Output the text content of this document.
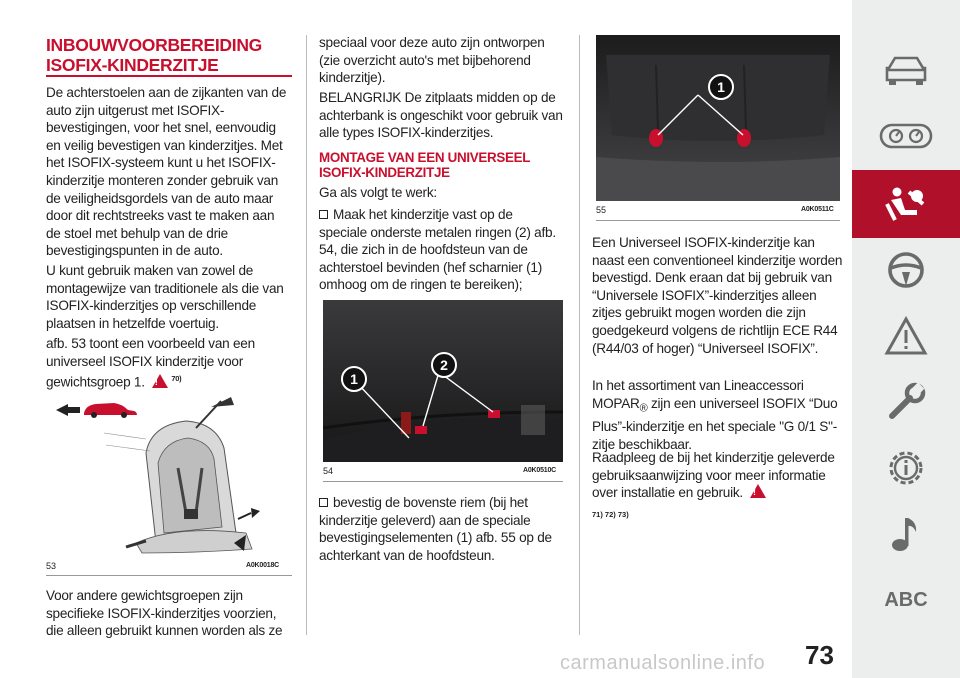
INBOUWVOORBEREIDING
ISOFIX-KINDERZITJE

De achterstoelen aan de zijkanten van de auto zijn uitgerust met ISOFIX-bevestigingen, voor het snel, eenvoudig en veilig bevestigen van kinderzitjes. Met het ISOFIX-systeem kunt u het ISOFIX-kinderzitje monteren zonder gebruik van de veiligheidsgordels van de auto maar door dit rechtstreeks vast te maken aan de stoel met behulp van de drie bevestigingspunten in de auto.

U kunt gebruik maken van zowel de montagewijze van traditionele als die van ISOFIX-kinderzitjes op verschillende plaatsen in hetzelfde voertuig.

afb. 53 toont een voorbeeld van een universeel ISOFIX kinderzitje voor gewichtsgroep 1. ! $^{70)}$

53	A0K0018C

Voor andere gewichtsgroepen zijn specifieke ISOFIX-kinderzitjes voorzien, die alleen gebruikt kunnen worden als ze

speciaal voor deze auto zijn ontworpen (zie overzicht auto's met bijbehorend kinderzitje).

BELANGRIJK De zitplaats midden op de achterbank is ongeschikt voor gebruik van alle types ISOFIX-kinderzitjes.

MONTAGE VAN EEN UNIVERSEEL
ISOFIX-KINDERZITJE

Ga als volgt te werk:

Maak het kinderzitje vast op de speciale onderste metalen ringen (2) afb. 54, die zich in de hoofdsteun van de achterstoel bevinden (hef scharnier (1) omhoog om de ringen te bereiken);

1
2
54	A0K0510C

bevestig de bovenste riem (bij het kinderzitje geleverd) aan de speciale bevestigingselementen (1) afb. 55 op de achterkant van de hoofdsteun.

1
55	A0K0511C

Een Universeel ISOFIX-kinderzitje kan naast een conventioneel kinderzitje worden bevestigd. Denk eraan dat bij gebruik van “Universele ISOFIX”-kinderzitjes alleen zitjes gebruikt mogen worden die zijn goedgekeurd volgens de richtlijn ECE R44 (R44/03 of hoger) “Universeel ISOFIX”.

In het assortiment van Lineaccessori $MOPAR_®$ zijn een universeel ISOFIX “Duo Plus”-kinderzitje en het speciale "G 0/1 S"-zitje beschikbaar.

Raadpleeg de bij het kinderzitje geleverde gebruiksaanwijzing voor meer informatie over installatie en gebruik. !

71) 72) 73)
ABC
73
carmanualsonline.info
